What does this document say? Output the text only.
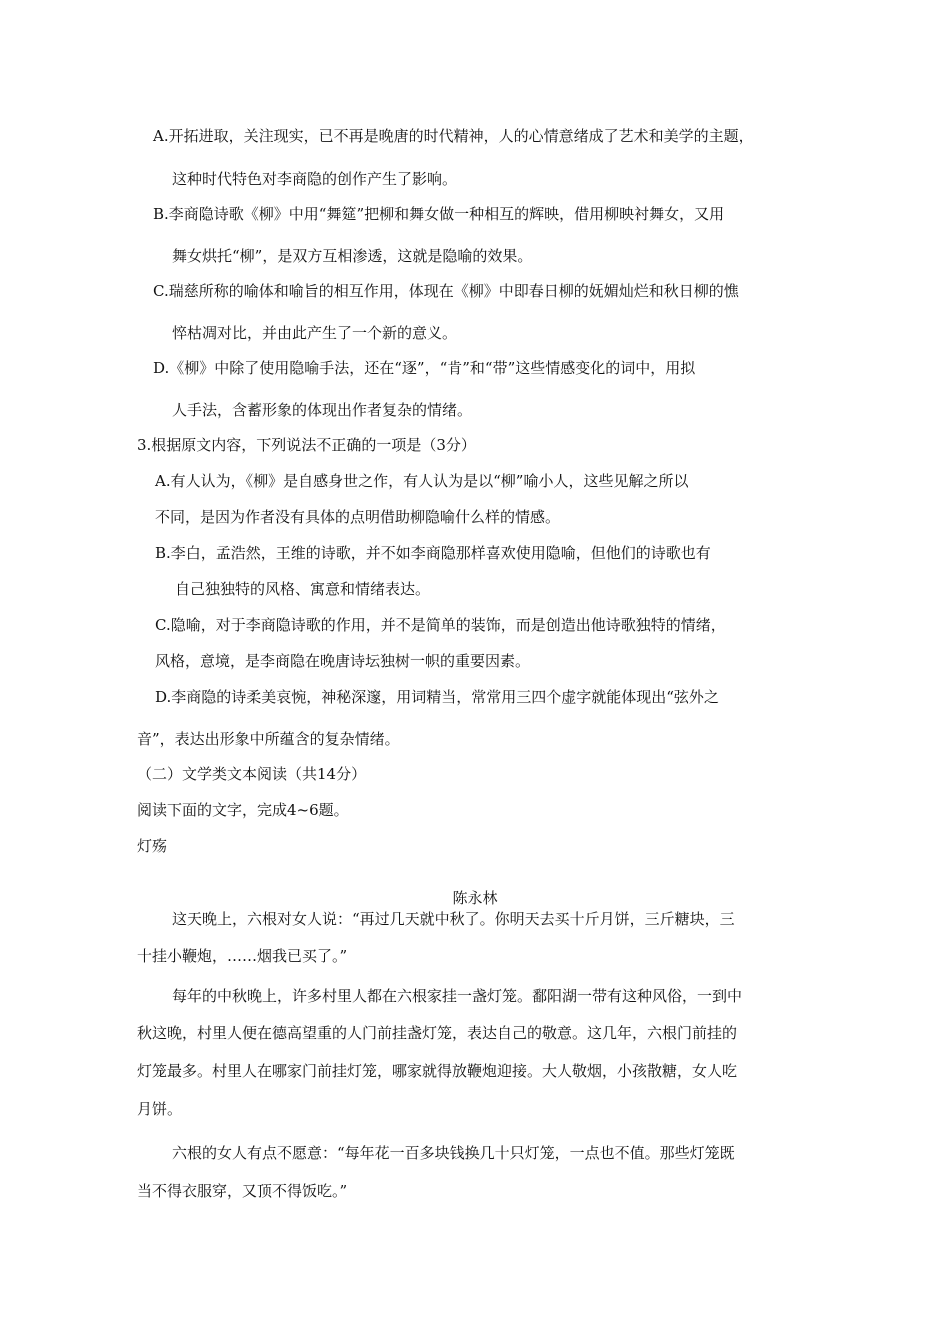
A.开拓进取，关注现实，已不再是晚唐的时代精神，人的心情意绪成了艺术和美学的主题，

这种时代特色对李商隐的创作产生了影响。

B.李商隐诗歌《柳》中用“舞筵”把柳和舞女做一种相互的辉映，借用柳映衬舞女，又用

舞女烘托“柳”，是双方互相渗透，这就是隐喻的效果。

C.瑞慈所称的喻体和喻旨的相互作用，体现在《柳》中即春日柳的妩媚灿烂和秋日柳的憔

悴枯凋对比，并由此产生了一个新的意义。

D.《柳》中除了使用隐喻手法，还在“逐”，“肯”和“带”这些情感变化的词中，用拟

人手法，含蓄形象的体现出作者复杂的情绪。

3.根据原文内容，下列说法不正确的一项是（3分）

A.有人认为，《柳》是自感身世之作，有人认为是以“柳”喻小人，这些见解之所以

不同，是因为作者没有具体的点明借助柳隐喻什么样的情感。

B.李白，孟浩然，王维的诗歌，并不如李商隐那样喜欢使用隐喻，但他们的诗歌也有

自己独独特的风格、寓意和情绪表达。

C.隐喻，对于李商隐诗歌的作用，并不是简单的装饰，而是创造出他诗歌独特的情绪，

风格，意境，是李商隐在晚唐诗坛独树一帜的重要因素。

D.李商隐的诗柔美哀惋，神秘深邃，用词精当，常常用三四个虚字就能体现出“弦外之

音”，表达出形象中所蕴含的复杂情绪。

（二）文学类文本阅读（共14分）

阅读下面的文字，完成4~6题。

灯殇

陈永林

这天晚上，六根对女人说：“再过几天就中秋了。你明天去买十斤月饼，三斤糖块，三

十挂小鞭炮，……烟我已买了。”

每年的中秋晚上，许多村里人都在六根家挂一盏灯笼。鄱阳湖一带有这种风俗，一到中

秋这晚，村里人便在德高望重的人门前挂盏灯笼，表达自己的敬意。这几年，六根门前挂的

灯笼最多。村里人在哪家门前挂灯笼，哪家就得放鞭炮迎接。大人敬烟，小孩散糖，女人吃

月饼。

六根的女人有点不愿意：“每年花一百多块钱换几十只灯笼，一点也不值。那些灯笼既

当不得衣服穿，又顶不得饭吃。”
